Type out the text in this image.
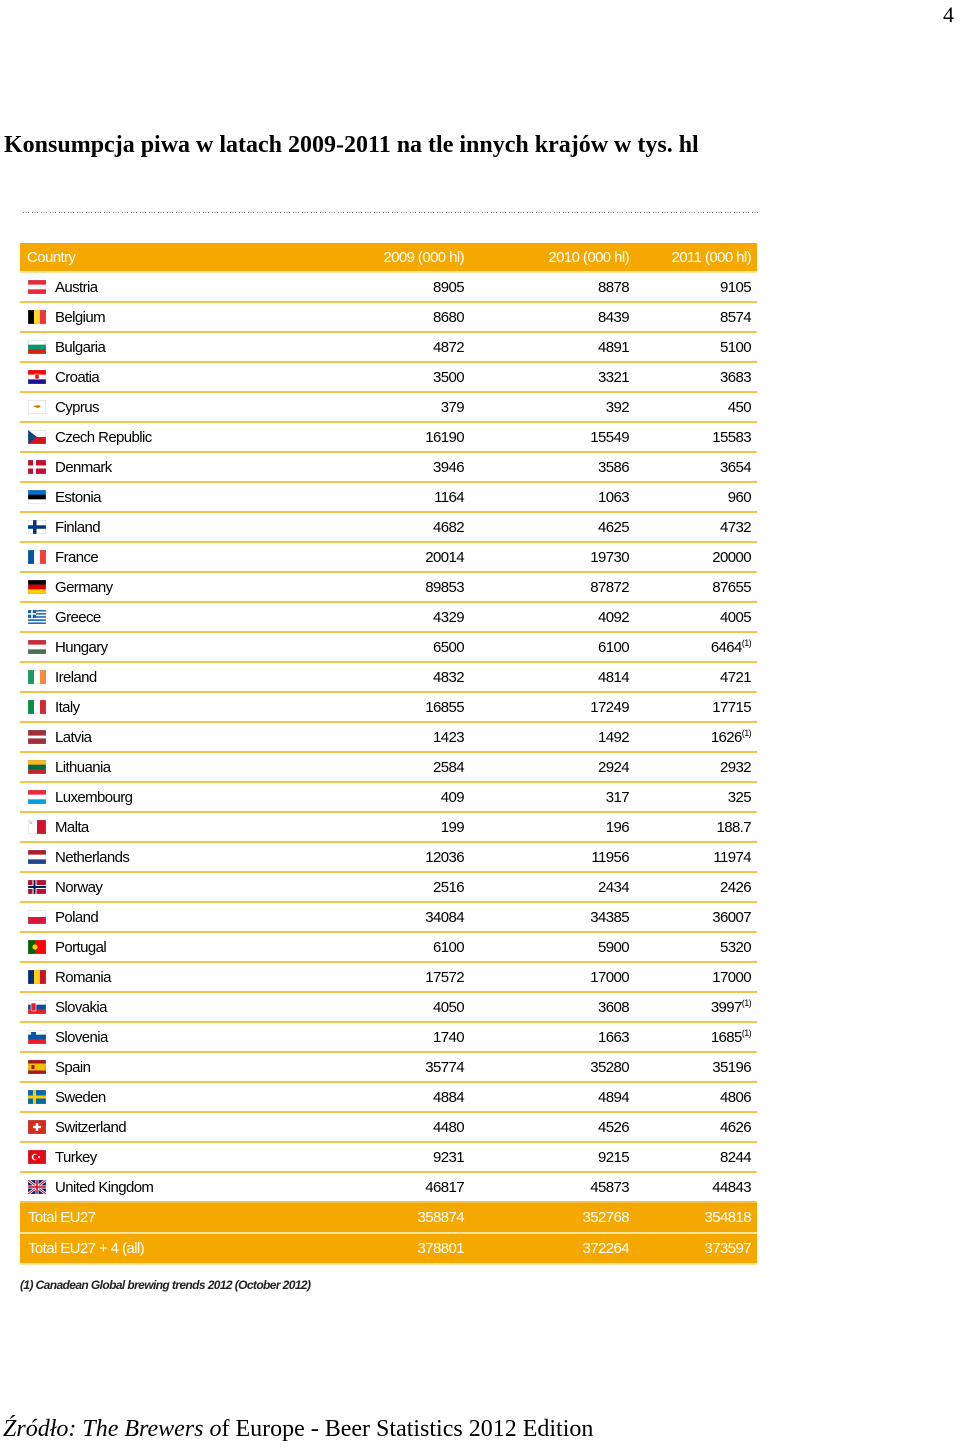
4
Konsumpcja piwa w latach 2009-2011 na tle innych krajów w tys. hl
…………………………………………………………………………………………………………………………………………………………………………………………………………………………
Country	2009 (000 hl)	2010 (000 hl)	2011 (000 hl)
Austria	8905	8878	9105
Belgium	8680	8439	8574
Bulgaria	4872	4891	5100
Croatia	3500	3321	3683
Cyprus	379	392	450
Czech Republic	16190	15549	15583
Denmark	3946	3586	3654
Estonia	1164	1063	960
Finland	4682	4625	4732
France	20014	19730	20000
Germany	89853	87872	87655
Greece	4329	4092	4005
Hungary	6500	6100	6464$^{(1)}$
Ireland	4832	4814	4721
Italy	16855	17249	17715
Latvia	1423	1492	1626$^{(1)}$
Lithuania	2584	2924	2932
Luxembourg	409	317	325
Malta	199	196	188.7
Netherlands	12036	11956	11974
Norway	2516	2434	2426
Poland	34084	34385	36007
Portugal	6100	5900	5320
Romania	17572	17000	17000
Slovakia	4050	3608	3997$^{(1)}$
Slovenia	1740	1663	1685$^{(1)}$
Spain	35774	35280	35196
Sweden	4884	4894	4806
Switzerland	4480	4526	4626
Turkey	9231	9215	8244
United Kingdom	46817	45873	44843
Total EU27	358874	352768	354818
Total EU27 + 4 (all)	378801	372264	373597
(1) Canadean Global brewing trends 2012 (October 2012)
Źródło: The Brewers of Europe - Beer Statistics 2012 Edition
